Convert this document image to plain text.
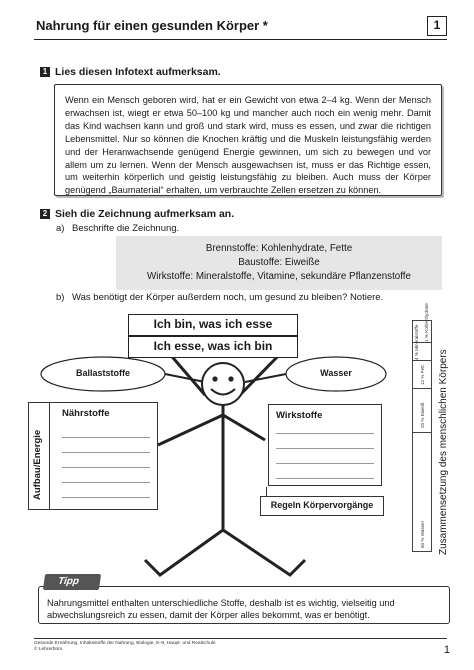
Nahrung für einen gesunden Körper *	1
1 Lies diesen Infotext aufmerksam.
Wenn ein Mensch geboren wird, hat er ein Gewicht von etwa 2–4 kg. Wenn der Mensch erwachsen ist, wiegt er etwa 50–100 kg und mancher auch noch ein wenig mehr. Damit das Kind wachsen kann und groß und stark wird, muss es essen, und zwar die richtigen Lebensmittel. Nur so können die Knochen kräftig und die Muskeln leistungsfähig werden und der Heranwachsende genügend Energie gewinnen, um sich zu bewegen und vor allem um zu lernen. Wenn der Mensch ausgewachsen ist, muss er das Richtige essen, um weiterhin körperlich und geistig leistungsfähig zu bleiben. Auch muss der Körper genügend „Baumaterial“ erhalten, um verbrauchte Zellen ersetzen zu können.
2 Sieh die Zeichnung aufmerksam an.
a) Beschrifte die Zeichnung.
Brennstoffe: Kohlenhydrate, Fette
Baustoffe: Eiweiße
Wirkstoffe: Mineralstoffe, Vitamine, sekundäre Pflanzenstoffe
b) Was benötigt der Körper außerdem noch, um gesund zu bleiben? Notiere.
Ich bin, was ich esse
Ich esse, was ich bin
Ballaststoffe	Wasser
Aufbau/Energie
Nährstoffe	Wirkstoffe
Regeln Körpervorgänge
60 % Wasser
20 % Eiweiß
12 % Fett
4 % Mineralstoffe
1 % Kohlenhydrate
Zusammensetzung des menschlichen Körpers
Nahrungsmittel enthalten unterschiedliche Stoffe, deshalb ist es wichtig, vielseitig und abwechslungsreich zu essen, damit der Körper alles bekommt, was er benötigt.
Tipp
Gesunde Ernährung, Inhaltsstoffe der Nahrung, Biologie, 5–8, Haupt- und Realschule
© Lehrerbüro	1
